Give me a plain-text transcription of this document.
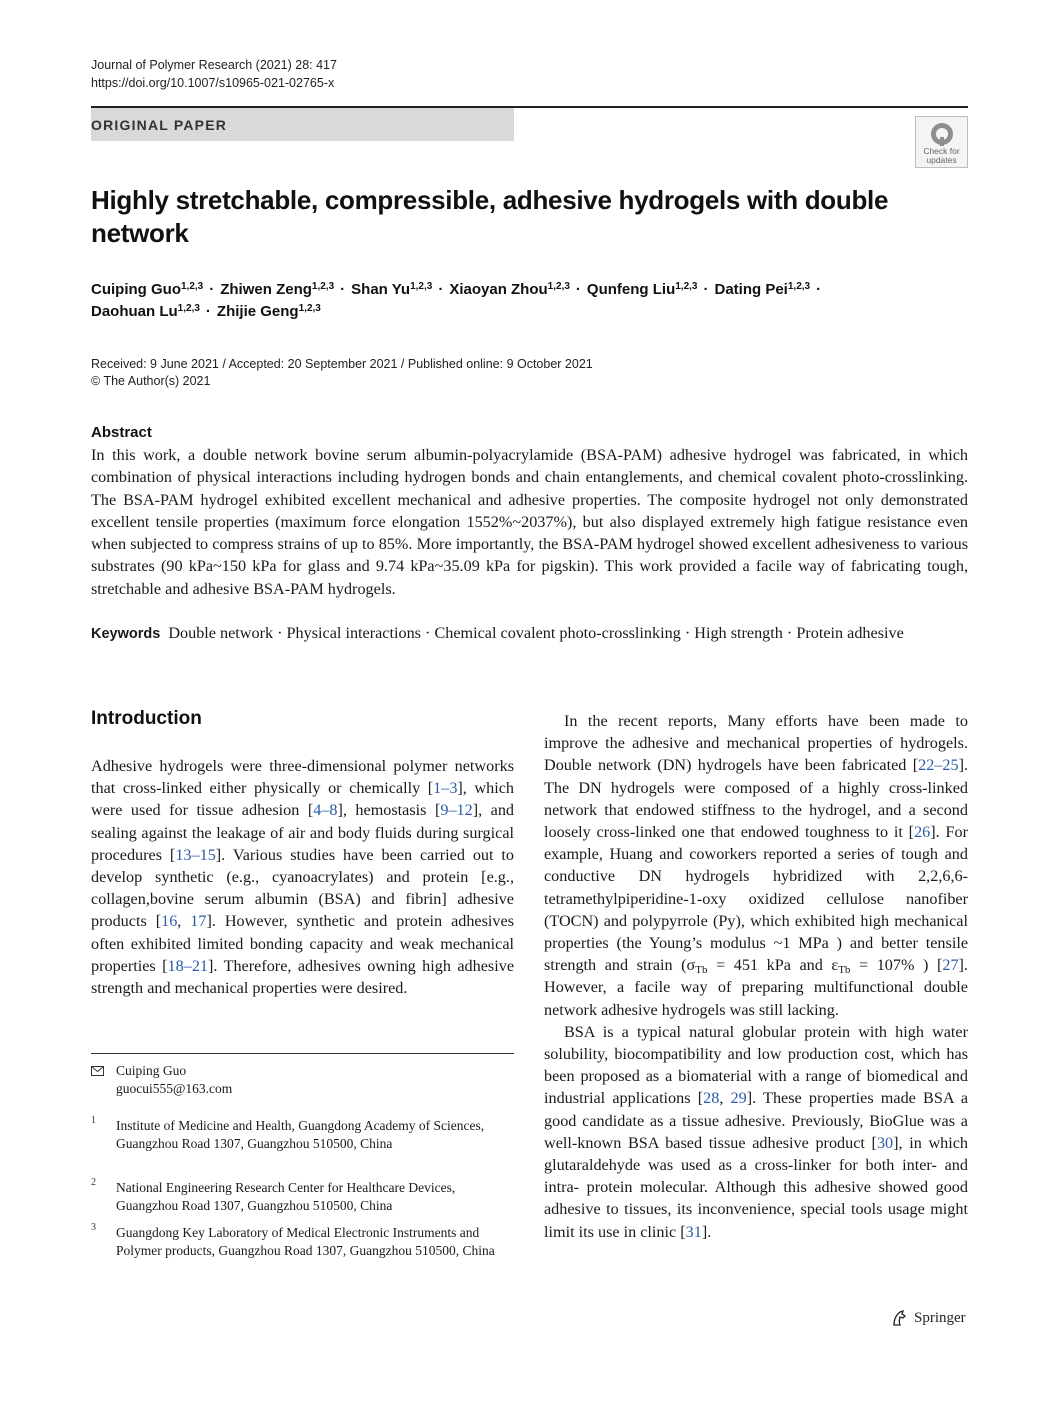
Journal of Polymer Research (2021) 28: 417
https://doi.org/10.1007/s10965-021-02765-x
ORIGINAL PAPER
Check for updates
Highly stretchable, compressible, adhesive hydrogels with double network
Cuiping Guo$^{1,2,3}$ · Zhiwen Zeng$^{1,2,3}$ · Shan Yu$^{1,2,3}$ · Xiaoyan Zhou$^{1,2,3}$ · Qunfeng Liu$^{1,2,3}$ · Dating Pei$^{1,2,3}$ ·
Daohuan Lu$^{1,2,3}$ · Zhijie Geng$^{1,2,3}$
Received: 9 June 2021 / Accepted: 20 September 2021 / Published online: 9 October 2021
© The Author(s) 2021
Abstract
In this work, a double network bovine serum albumin-polyacrylamide (BSA-PAM) adhesive hydrogel was fabricated, in which combination of physical interactions including hydrogen bonds and chain entanglements, and chemical covalent photo-crosslinking. The BSA-PAM hydrogel exhibited excellent mechanical and adhesive properties. The composite hydrogel not only demonstrated excellent tensile properties (maximum force elongation 1552%~2037%), but also displayed extremely high fatigue resistance even when subjected to compress strains of up to 85%. More importantly, the BSA-PAM hydrogel showed excellent adhesiveness to various substrates (90 kPa~150 kPa for glass and 9.74 kPa~35.09 kPa for pigskin). This work provided a facile way of fabricating tough, stretchable and adhesive BSA-PAM hydrogels.
Keywords Double network · Physical interactions · Chemical covalent photo-crosslinking · High strength · Protein adhesive
Introduction

Adhesive hydrogels were three-dimensional polymer networks that cross-linked either physically or chemically [1–3], which were used for tissue adhesion [4–8], hemostasis [9–12], and sealing against the leakage of air and body fluids during surgical procedures [13–15]. Various studies have been carried out to develop synthetic (e.g., cyanoacrylates) and protein [e.g., collagen,bovine serum albumin (BSA) and fibrin] adhesive products [16, 17]. However, synthetic and protein adhesives often exhibited limited bonding capacity and weak mechanical properties [18–21]. Therefore, adhesives owning high adhesive strength and mechanical properties were desired.

In the recent reports, Many efforts have been made to improve the adhesive and mechanical properties of hydrogels. Double network (DN) hydrogels have been fabricated [22–25]. The DN hydrogels were composed of a highly cross-linked network that endowed stiffness to the hydrogel, and a second loosely cross-linked one that endowed toughness to it [26]. For example, Huang and coworkers reported a series of tough and conductive DN hydrogels hybridized with 2,2,6,6-tetramethylpiperidine-1-oxy oxidized cellulose nanofiber (TOCN) and polypyrrole (Py), which exhibited high mechanical properties (the Young’s modulus ~1 MPa ) and better tensile strength and strain ($\sigma_{Tb} = 451$ kPa and $\varepsilon_{Tb} = 107\%$ ) [27]. However, a facile way of preparing multifunctional double network adhesive hydrogels was still lacking.

BSA is a typical natural globular protein with high water solubility, biocompatibility and low production cost, which has been proposed as a biomaterial with a range of biomedical and industrial applications [28, 29]. These properties made BSA a good candidate as a tissue adhesive. Previously, BioGlue was a well-known BSA based tissue adhesive product [30], in which glutaraldehyde was used as a cross-linker for both inter- and intra- protein molecular. Although this adhesive showed good adhesive to tissues, its inconvenience, special tools usage might limit its use in clinic [31].

Cuiping Guo
guocui555@163.com
1 Institute of Medicine and Health, Guangdong Academy of Sciences, Guangzhou Road 1307, Guangzhou 510500, China
2 National Engineering Research Center for Healthcare Devices, Guangzhou Road 1307, Guangzhou 510500, China
3 Guangdong Key Laboratory of Medical Electronic Instruments and Polymer products, Guangzhou Road 1307, Guangzhou 510500, China
Springer
